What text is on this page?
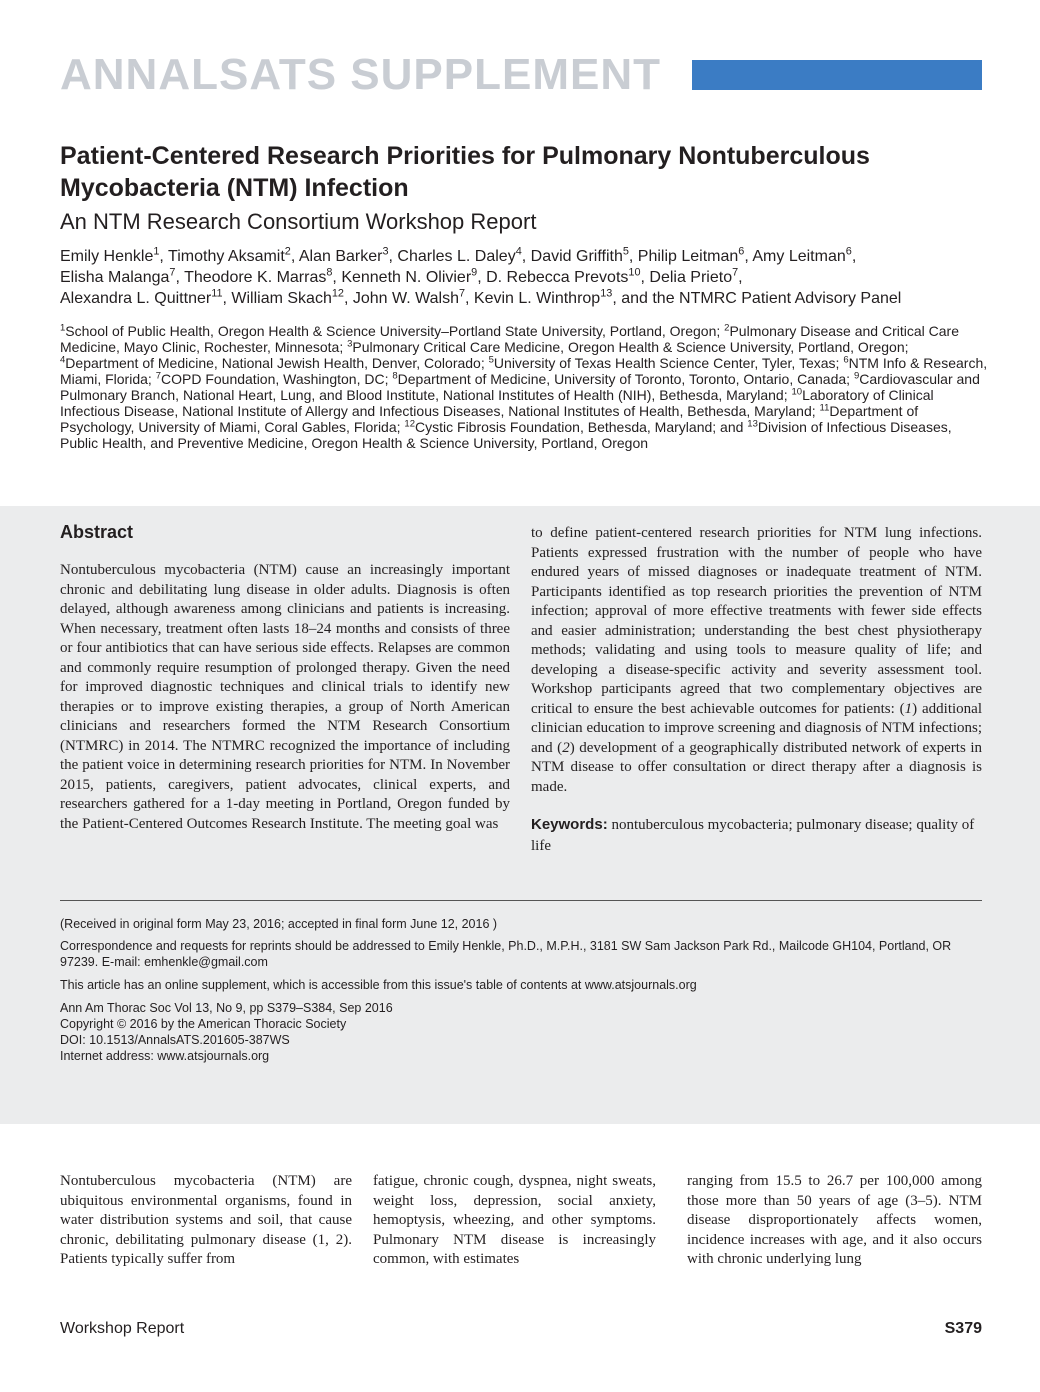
ANNALSATS SUPPLEMENT
Patient-Centered Research Priorities for Pulmonary Nontuberculous Mycobacteria (NTM) Infection
An NTM Research Consortium Workshop Report
Emily Henkle$^1$, Timothy Aksamit$^2$, Alan Barker$^3$, Charles L. Daley$^4$, David Griffith$^5$, Philip Leitman$^6$, Amy Leitman$^6$,
Elisha Malanga$^7$, Theodore K. Marras$^8$, Kenneth N. Olivier$^9$, D. Rebecca Prevots$^{10}$, Delia Prieto$^7$,
Alexandra L. Quittner$^{11}$, William Skach$^{12}$, John W. Walsh$^7$, Kevin L. Winthrop$^{13}$, and the NTMRC Patient Advisory Panel
$^1$School of Public Health, Oregon Health & Science University–Portland State University, Portland, Oregon; $^2$Pulmonary Disease and Critical Care Medicine, Mayo Clinic, Rochester, Minnesota; $^3$Pulmonary Critical Care Medicine, Oregon Health & Science University, Portland, Oregon; $^4$Department of Medicine, National Jewish Health, Denver, Colorado; $^5$University of Texas Health Science Center, Tyler, Texas; $^6$NTM Info & Research, Miami, Florida; $^7$COPD Foundation, Washington, DC; $^8$Department of Medicine, University of Toronto, Toronto, Ontario, Canada; $^9$Cardiovascular and Pulmonary Branch, National Heart, Lung, and Blood Institute, National Institutes of Health (NIH), Bethesda, Maryland; $^{10}$Laboratory of Clinical Infectious Disease, National Institute of Allergy and Infectious Diseases, National Institutes of Health, Bethesda, Maryland; $^{11}$Department of Psychology, University of Miami, Coral Gables, Florida; $^{12}$Cystic Fibrosis Foundation, Bethesda, Maryland; and $^{13}$Division of Infectious Diseases, Public Health, and Preventive Medicine, Oregon Health & Science University, Portland, Oregon
Abstract
Nontuberculous mycobacteria (NTM) cause an increasingly important chronic and debilitating lung disease in older adults. Diagnosis is often delayed, although awareness among clinicians and patients is increasing. When necessary, treatment often lasts 18–24 months and consists of three or four antibiotics that can have serious side effects. Relapses are common and commonly require resumption of prolonged therapy. Given the need for improved diagnostic techniques and clinical trials to identify new therapies or to improve existing therapies, a group of North American clinicians and researchers formed the NTM Research Consortium (NTMRC) in 2014. The NTMRC recognized the importance of including the patient voice in determining research priorities for NTM. In November 2015, patients, caregivers, patient advocates, clinical experts, and researchers gathered for a 1-day meeting in Portland, Oregon funded by the Patient-Centered Outcomes Research Institute. The meeting goal was
to define patient-centered research priorities for NTM lung infections. Patients expressed frustration with the number of people who have endured years of missed diagnoses or inadequate treatment of NTM. Participants identified as top research priorities the prevention of NTM infection; approval of more effective treatments with fewer side effects and easier administration; understanding the best chest physiotherapy methods; validating and using tools to measure quality of life; and developing a disease-specific activity and severity assessment tool. Workshop participants agreed that two complementary objectives are critical to ensure the best achievable outcomes for patients: (1) additional clinician education to improve screening and diagnosis of NTM infections; and (2) development of a geographically distributed network of experts in NTM disease to offer consultation or direct therapy after a diagnosis is made.
Keywords: nontuberculous mycobacteria; pulmonary disease; quality of life
(Received in original form May 23, 2016; accepted in final form June 12, 2016 )
Correspondence and requests for reprints should be addressed to Emily Henkle, Ph.D., M.P.H., 3181 SW Sam Jackson Park Rd., Mailcode GH104, Portland, OR 97239. E-mail: emhenkle@gmail.com
This article has an online supplement, which is accessible from this issue's table of contents at www.atsjournals.org
Ann Am Thorac Soc Vol 13, No 9, pp S379–S384, Sep 2016
Copyright © 2016 by the American Thoracic Society
DOI: 10.1513/AnnalsATS.201605-387WS
Internet address: www.atsjournals.org
Nontuberculous mycobacteria (NTM) are ubiquitous environmental organisms, found in water distribution systems and soil, that cause chronic, debilitating pulmonary disease (1, 2). Patients typically suffer from
fatigue, chronic cough, dyspnea, night sweats, weight loss, depression, social anxiety, hemoptysis, wheezing, and other symptoms. Pulmonary NTM disease is increasingly common, with estimates
ranging from 15.5 to 26.7 per 100,000 among those more than 50 years of age (3–5). NTM disease disproportionately affects women, incidence increases with age, and it also occurs with chronic underlying lung
Workshop Report	S379
